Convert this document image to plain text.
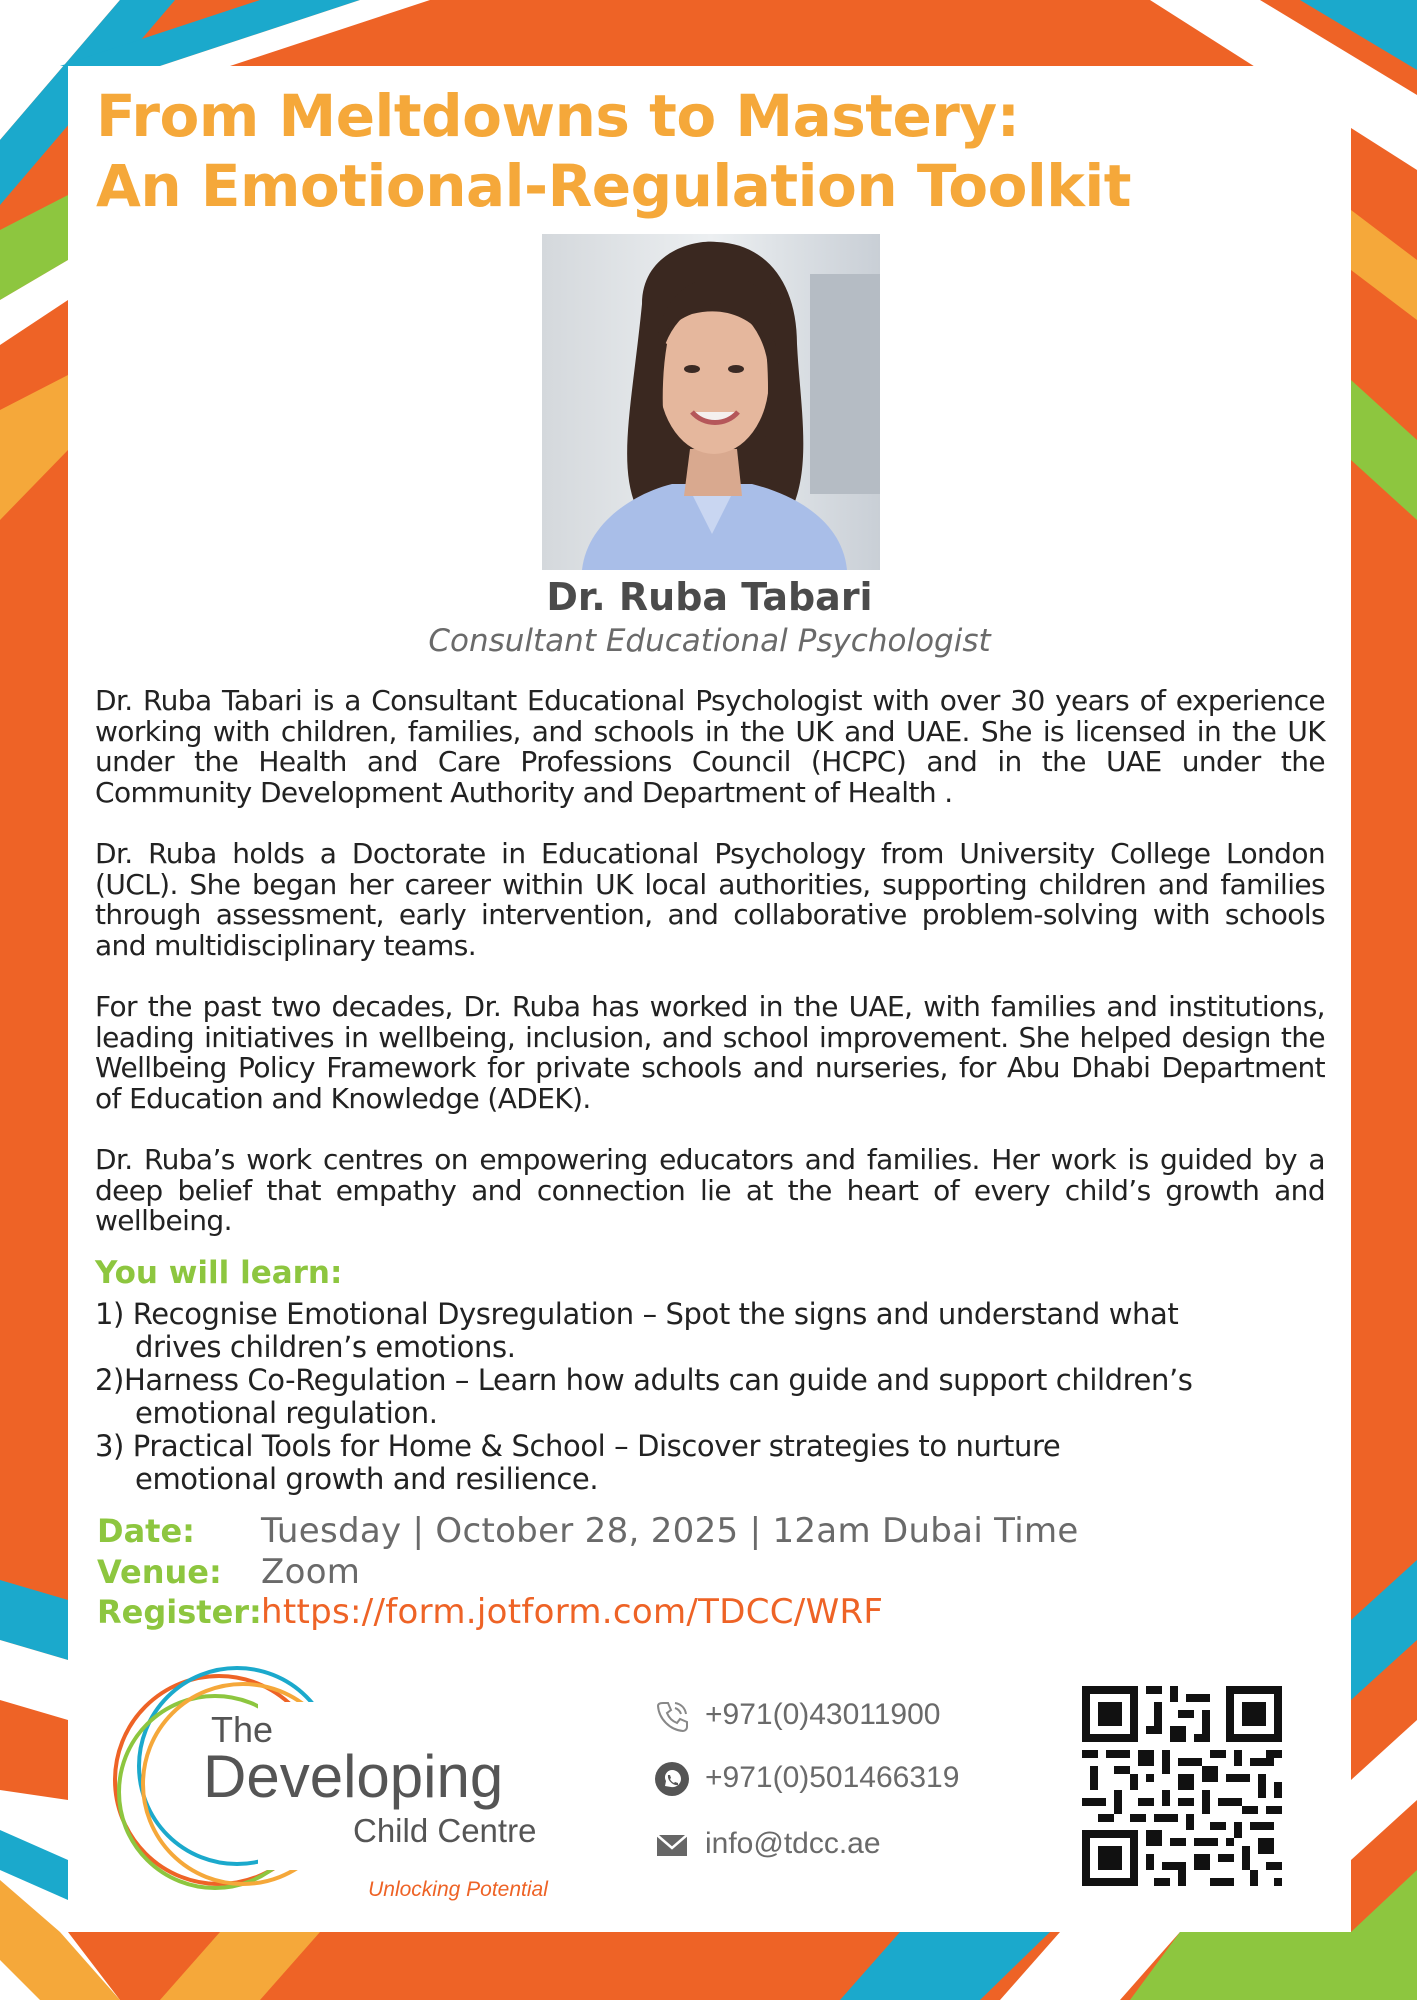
From Meltdowns to Mastery:
An Emotional-Regulation Toolkit
Dr. Ruba Tabari
Consultant Educational Psychologist

Dr. Ruba Tabari is a Consultant Educational Psychologist with over 30 years of experience working with children, families, and schools in the UK and UAE. She is licensed in the UK under the Health and Care Professions Council (HCPC) and in the UAE under the Community Development Authority and Department of Health .

Dr. Ruba holds a Doctorate in Educational Psychology from University College London (UCL). She began her career within UK local authorities, supporting children and families through assessment, early intervention, and collaborative problem-solving with schools and multidisciplinary teams.

For the past two decades, Dr. Ruba has worked in the UAE, with families and institutions, leading initiatives in wellbeing, inclusion, and school improvement. She helped design the Wellbeing Policy Framework for private schools and nurseries, for Abu Dhabi Department of Education and Knowledge (ADEK).

Dr. Ruba’s work centres on empowering educators and families. Her work is guided by a deep belief that empathy and connection lie at the heart of every child’s growth and wellbeing.

You will learn:
1) Recognise Emotional Dysregulation – Spot the signs and understand what
drives children’s emotions.
2)Harness Co-Regulation – Learn how adults can guide and support children’s
emotional regulation.
3) Practical Tools for Home & School – Discover strategies to nurture
emotional growth and resilience.
Date: Tuesday | October 28, 2025 | 12am Dubai Time
Venue: Zoom
Register: https://form.jotform.com/TDCC/WRF
The
Developing
Child Centre
Unlocking Potential
+971(0)43011900
+971(0)501466319
info@tdcc.ae
